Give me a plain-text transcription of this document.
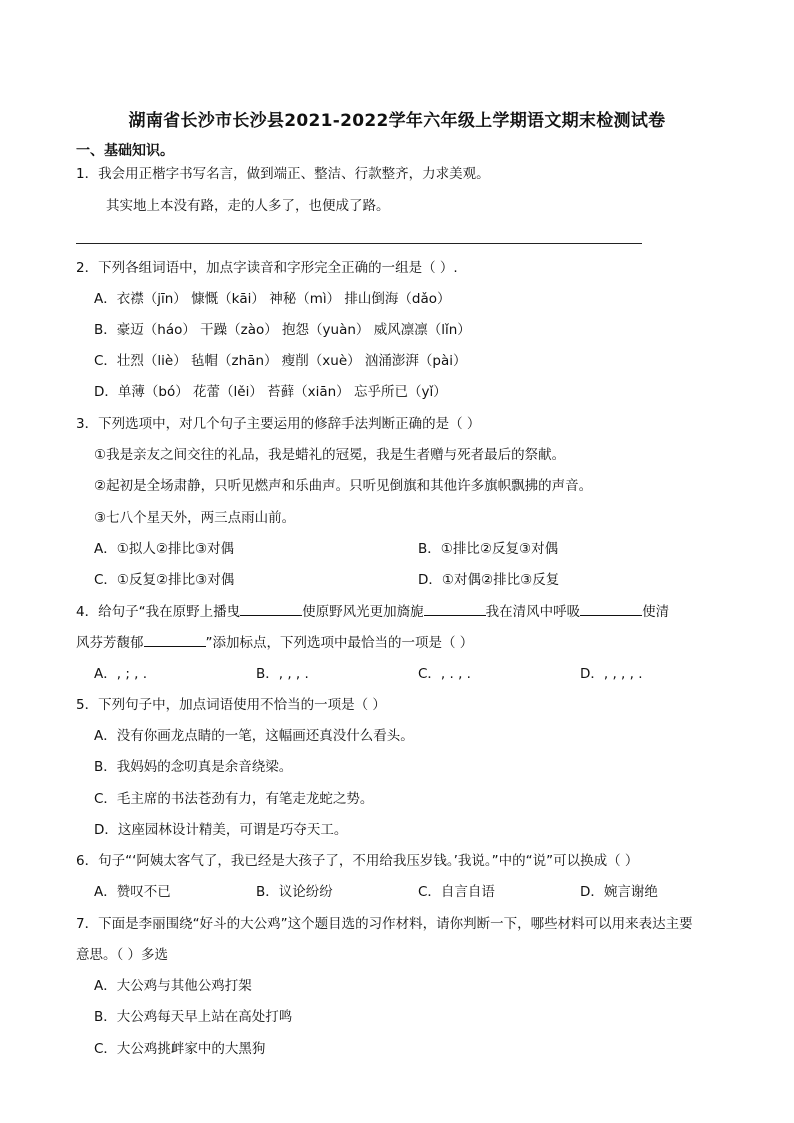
湖南省长沙市长沙县2021-2022学年六年级上学期语文期末检测试卷
一、基础知识。
1．我会用正楷字书写名言，做到端正、整洁、行款整齐，力求美观。
其实地上本没有路，走的人多了，也便成了路。
2．下列各组词语中，加点字读音和字形完全正确的一组是（ ）.
A．衣襟（jīn） 慷慨（kāi） 神秘（mì） 排山倒海（dǎo）
B．豪迈（háo） 干躁（zào） 抱怨（yuàn） 威风凛凛（lǐn）
C．壮烈（liè） 毡帽（zhān） 瘦削（xuè） 汹涌澎湃（pài）
D．单薄（bó） 花蕾（lěi） 苔藓（xiān） 忘乎所已（yǐ）
3．下列选项中，对几个句子主要运用的修辞手法判断正确的是（ ）
①我是亲友之间交往的礼品，我是蜡礼的冠冕，我是生者赠与死者最后的祭献。
②起初是全场肃静，只听见燃声和乐曲声。只听见倒旗和其他许多旗帜飘拂的声音。
③七八个星天外，两三点雨山前。
A．①拟人②排比③对偶	B．①排比②反复③对偶
C．①反复②排比③对偶	D．①对偶②排比③反复
4．给句子“我在原野上播曳	使原野风光更加旖旎	我在清风中呼吸	使清
风芬芳馥郁	”添加标点，下列选项中最恰当的一项是（ ）
A．, ; , .	B．, , , .	C．, . , .	D．, , , , .
5．下列句子中，加点词语使用不恰当的一项是（ ）
A．没有你画龙点睛的一笔，这幅画还真没什么看头。
B．我妈妈的念叨真是余音绕梁。
C．毛主席的书法苍劲有力，有笔走龙蛇之势。
D．这座园林设计精美，可谓是巧夺天工。
6．句子“‘阿姨太客气了，我已经是大孩子了，不用给我压岁钱。’我说。”中的“说”可以换成（ ）
A．赞叹不已	B．议论纷纷	C．自言自语	D．婉言谢绝
7．下面是李丽围绕“好斗的大公鸡”这个题目选的习作材料，请你判断一下，哪些材料可以用来表达主要
意思。（ ）多选
A．大公鸡与其他公鸡打架
B．大公鸡每天早上站在高处打鸣
C．大公鸡挑衅家中的大黑狗
